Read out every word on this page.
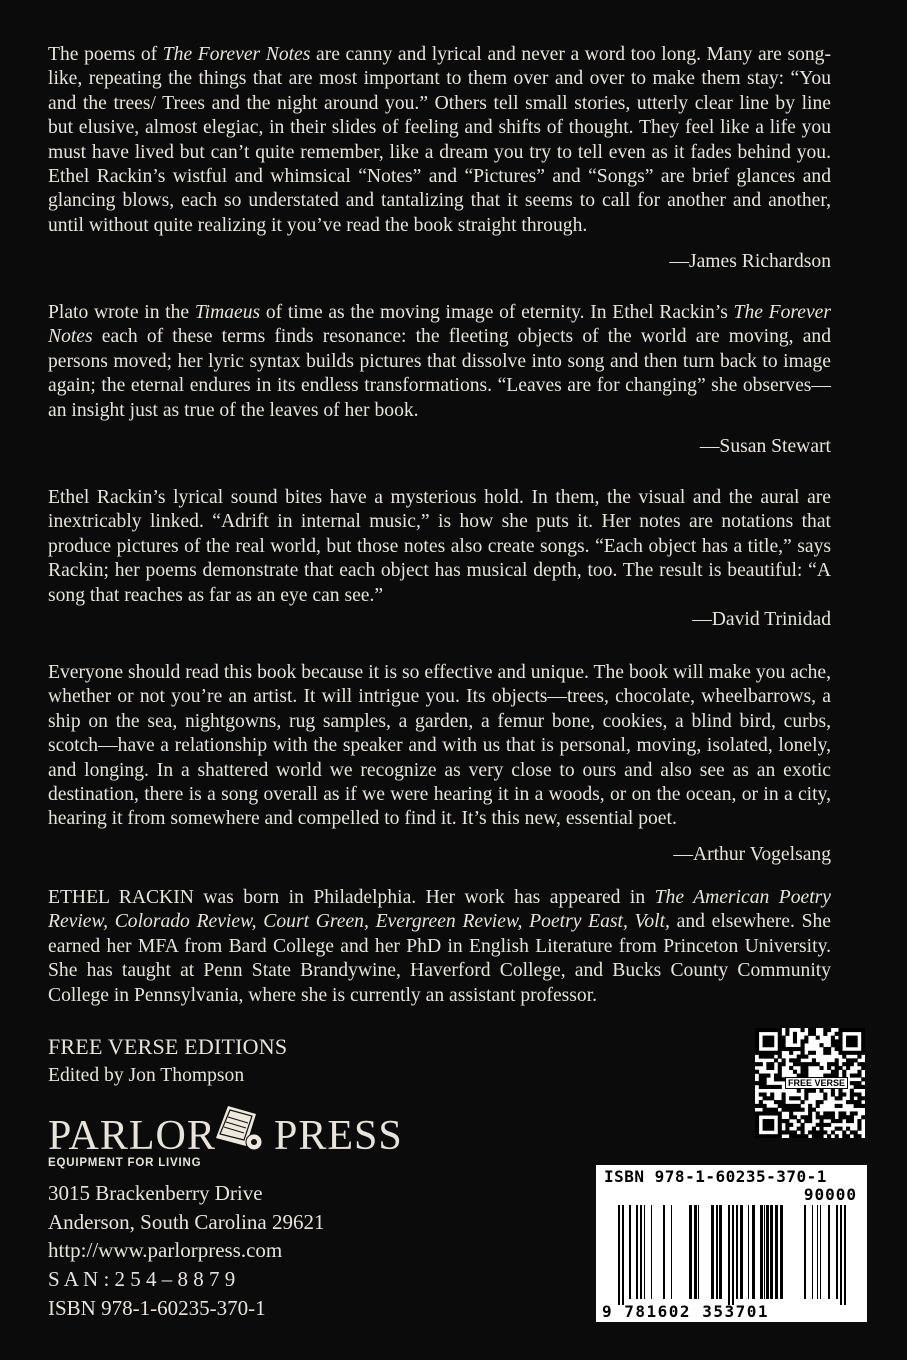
The poems of The Forever Notes are canny and lyrical and never a word too long. Many are song-like, repeating the things that are most important to them over and over to make them stay: “You and the trees/ Trees and the night around you.” Others tell small stories, utterly clear line by line but elusive, almost elegiac, in their slides of feeling and shifts of thought. They feel like a life you must have lived but can’t quite remember, like a dream you try to tell even as it fades behind you. Ethel Rackin’s wistful and whimsical “Notes” and “Pictures” and “Songs” are brief glances and glancing blows, each so understated and tantalizing that it seems to call for another and another, until without quite realizing it you’ve read the book straight through.

—James Richardson

Plato wrote in the Timaeus of time as the moving image of eternity. In Ethel Rackin’s The Forever Notes each of these terms finds resonance: the fleeting objects of the world are moving, and persons moved; her lyric syntax builds pictures that dissolve into song and then turn back to image again; the eternal endures in its endless transformations. “Leaves are for changing” she observes—an insight just as true of the leaves of her book.

—Susan Stewart

Ethel Rackin’s lyrical sound bites have a mysterious hold. In them, the visual and the aural are inextricably linked. “Adrift in internal music,” is how she puts it. Her notes are notations that produce pictures of the real world, but those notes also create songs. “Each object has a title,” says Rackin; her poems demonstrate that each object has musical depth, too. The result is beautiful: “A song that reaches as far as an eye can see.”

—David Trinidad

Everyone should read this book because it is so effective and unique. The book will make you ache, whether or not you’re an artist. It will intrigue you. Its objects—trees, chocolate, wheelbarrows, a ship on the sea, nightgowns, rug samples, a garden, a femur bone, cookies, a blind bird, curbs, scotch—have a relationship with the speaker and with us that is personal, moving, isolated, lonely, and longing. In a shattered world we recognize as very close to ours and also see as an exotic destination, there is a song overall as if we were hearing it in a woods, or on the ocean, or in a city, hearing it from somewhere and compelled to find it. It’s this new, essential poet.

—Arthur Vogelsang

ETHEL RACKIN was born in Philadelphia. Her work has appeared in The American Poetry Review, Colorado Review, Court Green, Evergreen Review, Poetry East, Volt, and elsewhere. She earned her MFA from Bard College and her PhD in English Literature from Princeton University. She has taught at Penn State Brandywine, Haverford College, and Bucks County Community College in Pennsylvania, where she is currently an assistant professor.

FREE VERSE EDITIONS
Edited by Jon Thompson
PARLOR PRESS
EQUIPMENT FOR LIVING
3015 Brackenberry Drive
Anderson, South Carolina 29621
http://www.parlorpress.com
S A N : 2 5 4 – 8 8 7 9
ISBN 978-1-60235-370-1
FREE VERSE
ISBN 978-1-60235-370-1
90000
9 781602 353701
